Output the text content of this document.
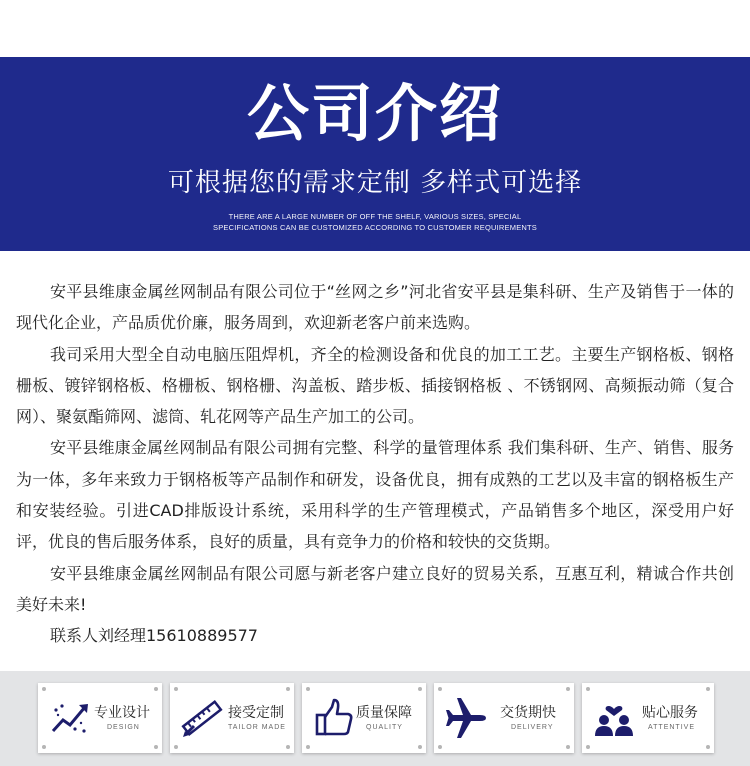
公司介绍
可根据您的需求定制 多样式可选择
THERE ARE A LARGE NUMBER OF OFF THE SHELF, VARIOUS SIZES, SPECIAL
SPECIFICATIONS CAN BE CUSTOMIZED ACCORDING TO CUSTOMER REQUIREMENTS

安平县维康金属丝网制品有限公司位于“丝网之乡”河北省安平县是集科研、生产及销售于一体的现代化企业，产品质优价廉，服务周到，欢迎新老客户前来选购。

我司采用大型全自动电脑压阻焊机，齐全的检测设备和优良的加工工艺。主要生产钢格板、钢格栅板、镀锌钢格板、格栅板、钢格栅、沟盖板、踏步板、插接钢格板 、不锈钢网、高频振动筛（复合网）、聚氨酯筛网、滤筒、轧花网等产品生产加工的公司。

安平县维康金属丝网制品有限公司拥有完整、科学的量管理体系 我们集科研、生产、销售、服务为一体，多年来致力于钢格板等产品制作和研发，设备优良，拥有成熟的工艺以及丰富的钢格板生产和安装经验。引进CAD排版设计系统，采用科学的生产管理模式，产品销售多个地区，深受用户好评，优良的售后服务体系，良好的质量，具有竞争力的价格和较快的交货期。

安平县维康金属丝网制品有限公司愿与新老客户建立良好的贸易关系，互惠互利，精诚合作共创美好未来!

联系人刘经理15610889577

专业设计
DESIGN
接受定制
TAILOR MADE
质量保障
QUALITY
交货期快
DELIVERY
贴心服务
ATTENTIVE
